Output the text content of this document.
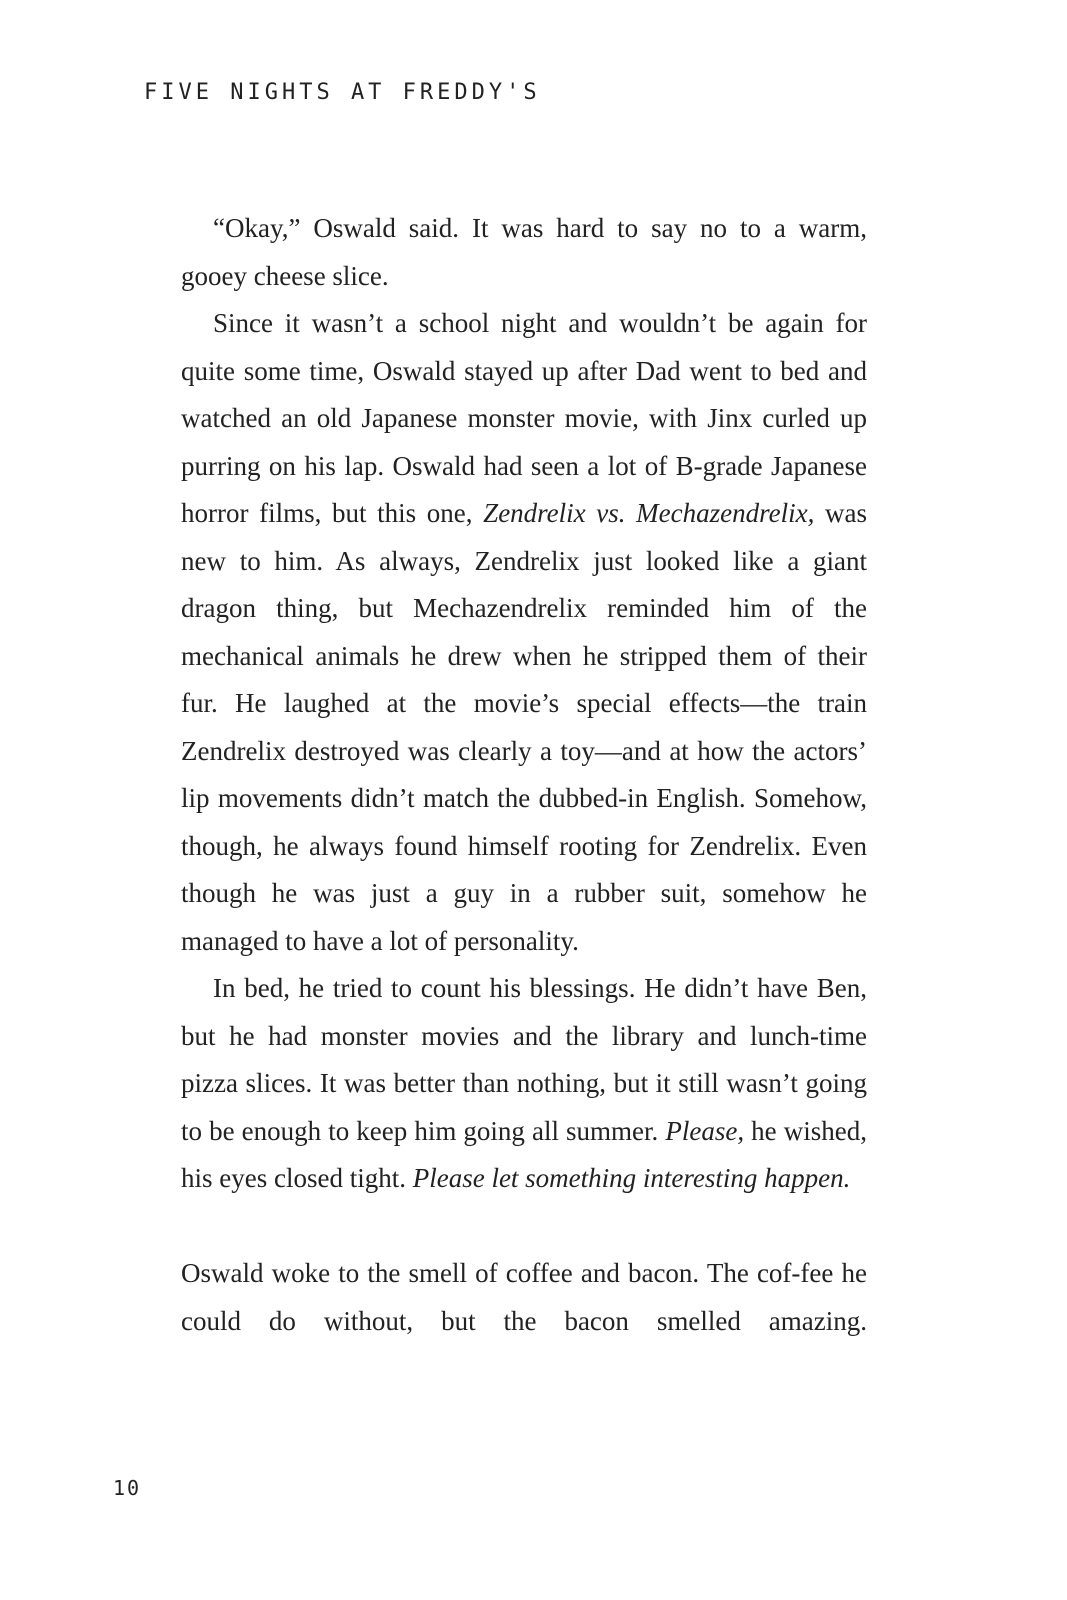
FIVE NIGHTS AT FREDDY'S

“Okay,” Oswald said. It was hard to say no to a warm, gooey cheese slice.

Since it wasn’t a school night and wouldn’t be again for quite some time, Oswald stayed up after Dad went to bed and watched an old Japanese monster movie, with Jinx curled up purring on his lap. Oswald had seen a lot of B-grade Japanese horror films, but this one, Zendrelix vs. Mechazendrelix, was new to him. As always, Zendrelix just looked like a giant dragon thing, but Mechazendrelix reminded him of the mechanical animals he drew when he stripped them of their fur. He laughed at the movie’s special effects—the train Zendrelix destroyed was clearly a toy—and at how the actors’ lip movements didn’t match the dubbed-in English. Somehow, though, he always found himself rooting for Zendrelix. Even though he was just a guy in a rubber suit, somehow he managed to have a lot of personality.

In bed, he tried to count his blessings. He didn’t have Ben, but he had monster movies and the library and lunch-time pizza slices. It was better than nothing, but it still wasn’t going to be enough to keep him going all summer. Please, he wished, his eyes closed tight. Please let something interesting happen.

Oswald woke to the smell of coffee and bacon. The cof-fee he could do without, but the bacon smelled amazing.

10
